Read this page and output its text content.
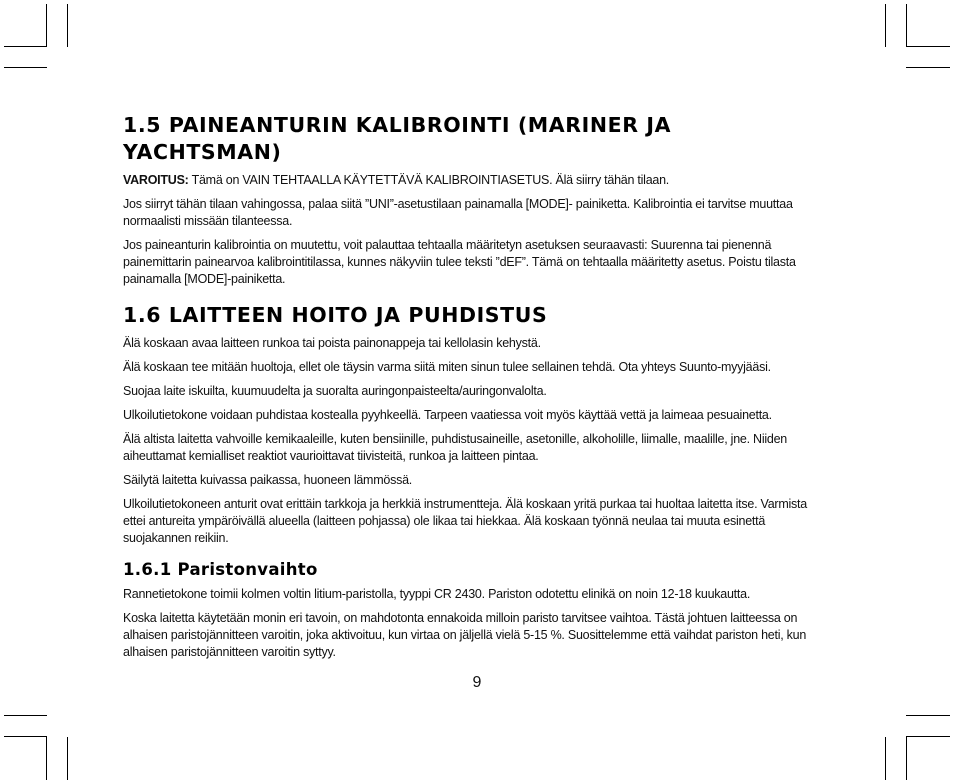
1.5 PAINEANTURIN KALIBROINTI (MARINER JA YACHTSMAN)

VAROITUS: Tämä on VAIN TEHTAALLA KÄYTETTÄVÄ KALIBROINTIASETUS. Älä siirry tähän tilaan.

Jos siirryt tähän tilaan vahingossa, palaa siitä ”UNI”-asetustilaan painamalla [MODE]- painiketta. Kalibrointia ei tarvitse muuttaa normaalisti missään tilanteessa.

Jos paineanturin kalibrointia on muutettu, voit palauttaa tehtaalla määritetyn asetuksen seuraavasti: Suurenna tai pienennä painemittarin painearvoa kalibrointitilassa, kunnes näkyviin tulee teksti ”dEF”. Tämä on tehtaalla määritetty asetus. Poistu tilasta painamalla [MODE]-painiketta.

1.6 LAITTEEN HOITO JA PUHDISTUS

Älä koskaan avaa laitteen runkoa tai poista painonappeja tai kellolasin kehystä.

Älä koskaan tee mitään huoltoja, ellet ole täysin varma siitä miten sinun tulee sellainen tehdä. Ota yhteys Suunto-myyjääsi.

Suojaa laite iskuilta, kuumuudelta ja suoralta auringonpaisteelta/auringonvalolta.

Ulkoilutietokone voidaan puhdistaa kostealla pyyhkeellä. Tarpeen vaatiessa voit myös käyttää vettä ja laimeaa pesuainetta.

Älä altista laitetta vahvoille kemikaaleille, kuten bensiinille, puhdistusaineille, asetonille, alkoholille, liimalle, maalille, jne. Niiden aiheuttamat kemialliset reaktiot vaurioittavat tiivisteitä, runkoa ja laitteen pintaa.

Säilytä laitetta kuivassa paikassa, huoneen lämmössä.

Ulkoilutietokoneen anturit ovat erittäin tarkkoja ja herkkiä instrumentteja. Älä koskaan yritä purkaa tai huoltaa laitetta itse. Varmista ettei antureita ympäröivällä alueella (laitteen pohjassa) ole likaa tai hiekkaa. Älä koskaan työnnä neulaa tai muuta esinettä suojakannen reikiin.

1.6.1 Paristonvaihto

Rannetietokone toimii kolmen voltin litium-paristolla, tyyppi CR 2430. Pariston odotettu elinikä on noin 12-18 kuukautta.

Koska laitetta käytetään monin eri tavoin, on mahdotonta ennakoida milloin paristo tarvitsee vaihtoa. Tästä johtuen laitteessa on alhaisen paristojännitteen varoitin, joka aktivoituu, kun virtaa on jäljellä vielä 5-15 %. Suosittelemme että vaihdat pariston heti, kun alhaisen paristojännitteen varoitin syttyy.

9
